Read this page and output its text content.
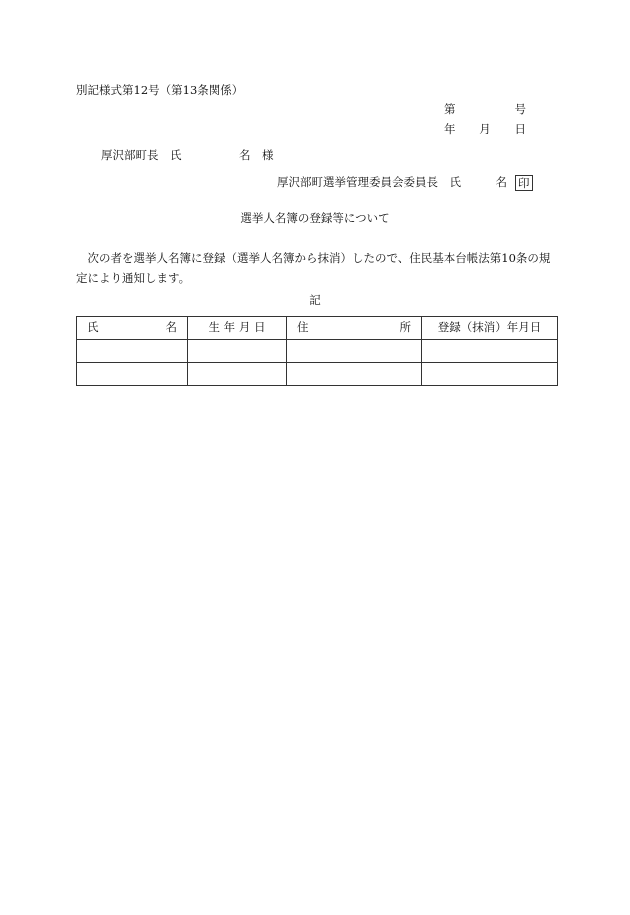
別記様式第12号（第13条関係）
第	号
年 月 日
厚沢部町長　氏　　　　　名　様
厚沢部町選挙管理委員会委員長　氏　　　名 印
選挙人名簿の登録等について
次の者を選挙人名簿に登録（選挙人名簿から抹消）したので、住民基本台帳法第10条の規定により通知します。
記
氏 名	生 年 月 日	住 所	登録（抹消）年月日
